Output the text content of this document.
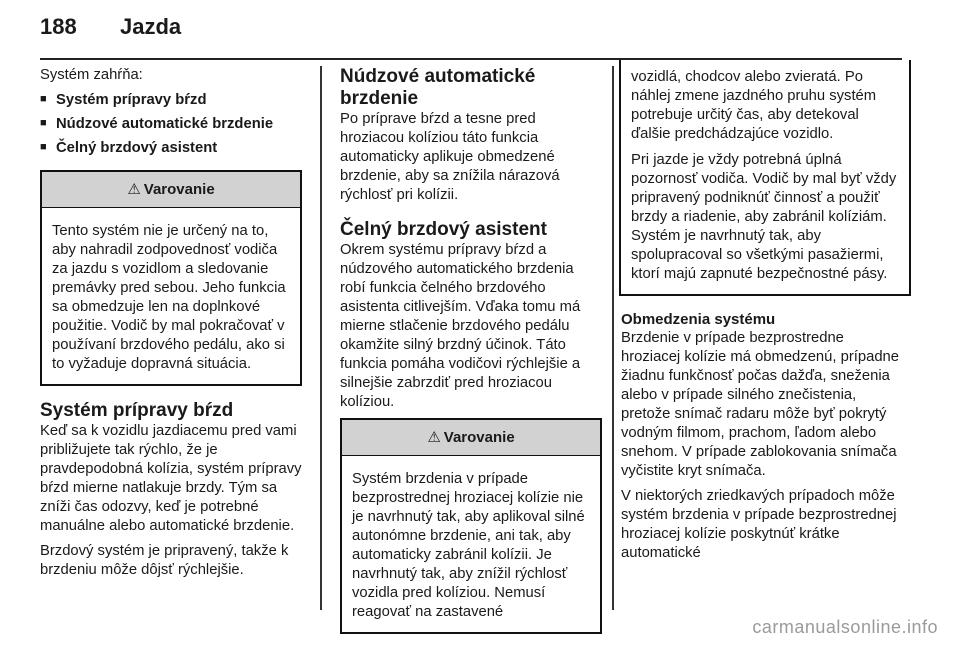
188 Jazda

Systém zahŕňa:

■ Systém prípravy bŕzd
■ Núdzové automatické brzdenie
■ Čelný brzdový asistent
⚠ Varovanie
Tento systém nie je určený na to, aby nahradil zodpovednosť vodiča za jazdu s vozidlom a sledovanie premávky pred sebou. Jeho funkcia sa obmedzuje len na doplnkové použitie. Vodič by mal pokračovať v používaní brzdového pedálu, ako si to vyžaduje dopravná situácia.
Systém prípravy bŕzd

Keď sa k vozidlu jazdiacemu pred vami približujete tak rýchlo, že je pravdepodobná kolízia, systém prípravy bŕzd mierne natlakuje brzdy. Tým sa zníži čas odozvy, keď je potrebné manuálne alebo automatické brzdenie.

Brzdový systém je pripravený, takže k brzdeniu môže dôjsť rýchlejšie.

Núdzové automatické brzdenie

Po príprave bŕzd a tesne pred hroziacou kolíziou táto funkcia automaticky aplikuje obmedzené brzdenie, aby sa znížila nárazová rýchlosť pri kolízii.

Čelný brzdový asistent

Okrem systému prípravy bŕzd a núdzového automatického brzdenia robí funkcia čelného brzdového asistenta citlivejším. Vďaka tomu má mierne stlačenie brzdového pedálu okamžite silný brzdný účinok. Táto funkcia pomáha vodičovi rýchlejšie a silnejšie zabrzdiť pred hroziacou kolíziou.

⚠ Varovanie
Systém brzdenia v prípade bezprostrednej hroziacej kolízie nie je navrhnutý tak, aby aplikoval silné autonómne brzdenie, ani tak, aby automaticky zabránil kolízii. Je navrhnutý tak, aby znížil rýchlosť vozidla pred kolíziou. Nemusí reagovať na zastavené

vozidlá, chodcov alebo zvieratá. Po náhlej zmene jazdného pruhu systém potrebuje určitý čas, aby detekoval ďalšie predchádzajúce vozidlo.

Pri jazde je vždy potrebná úplná pozornosť vodiča. Vodič by mal byť vždy pripravený podniknúť činnosť a použiť brzdy a riadenie, aby zabránil kolíziám. Systém je navrhnutý tak, aby spolupracoval so všetkými pasažiermi, ktorí majú zapnuté bezpečnostné pásy.

Obmedzenia systému

Brzdenie v prípade bezprostredne hroziacej kolízie má obmedzenú, prípadne žiadnu funkčnosť počas dažďa, sneženia alebo v prípade silného znečistenia, pretože snímač radaru môže byť pokrytý vodným filmom, prachom, ľadom alebo snehom. V prípade zablokovania snímača vyčistite kryt snímača.

V niektorých zriedkavých prípadoch môže systém brzdenia v prípade bezprostrednej hroziacej kolízie poskytnúť krátke automatické

carmanualsonline.info
